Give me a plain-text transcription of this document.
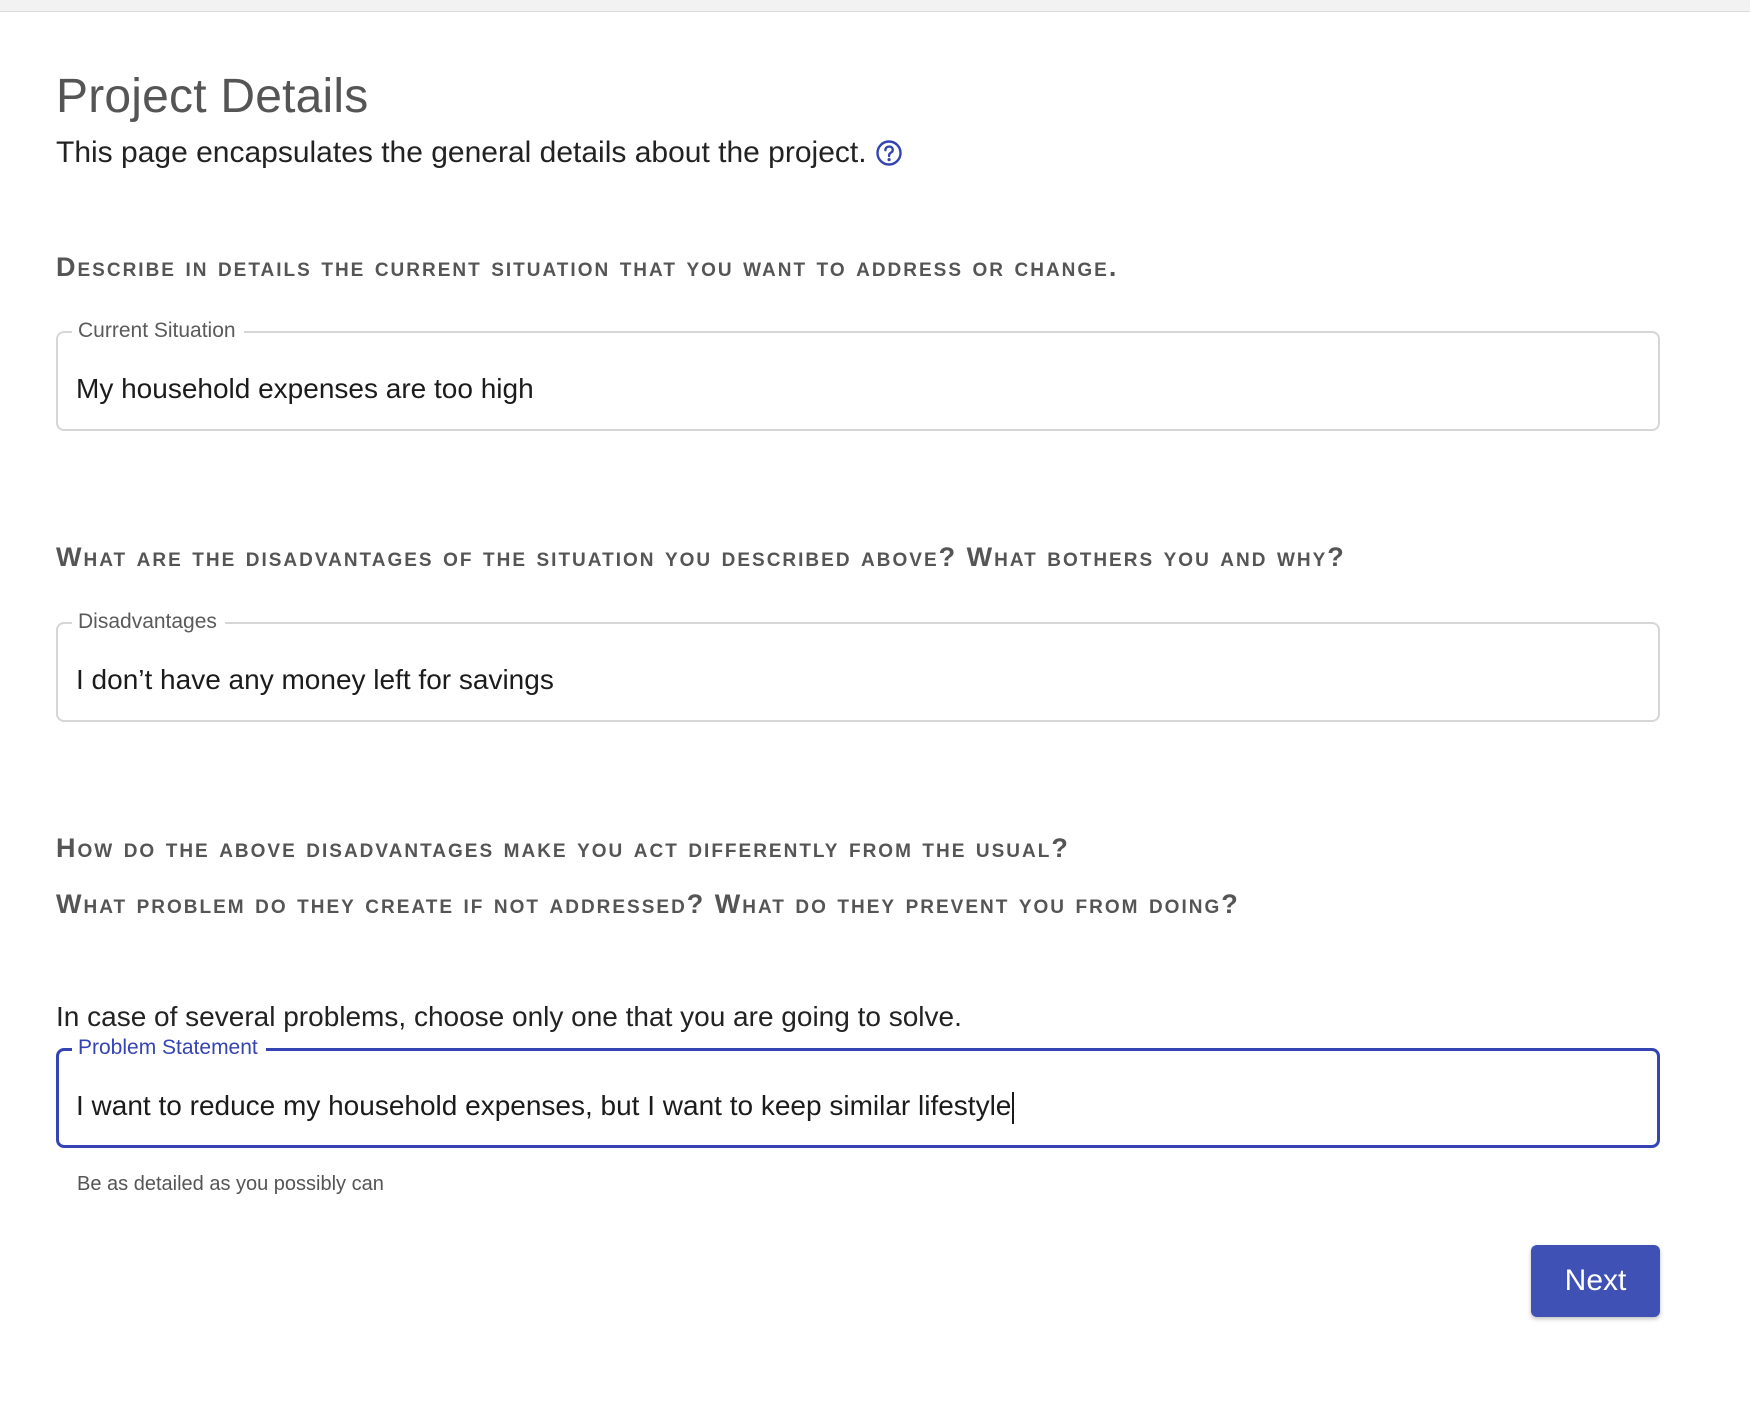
Project Details
This page encapsulates the general details about the project.
Describe in details the current situation that you want to address or change.
Current Situation
My household expenses are too high
What are the disadvantages of the situation you described above? What bothers you and why?
Disadvantages
I don’t have any money left for savings
How do the above disadvantages make you act differently from the usual?
What problem do they create if not addressed? What do they prevent you from doing?
In case of several problems, choose only one that you are going to solve.
Problem Statement
I want to reduce my household expenses, but I want to keep similar lifestyle
Be as detailed as you possibly can
Next
